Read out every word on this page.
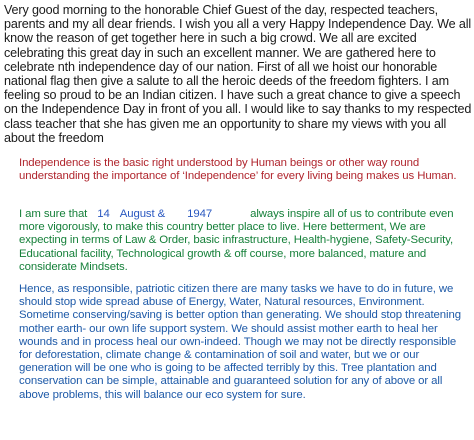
Very good morning to the honorable Chief Guest of the day, respected teachers, parents and my all dear friends. I wish you all a very Happy Independence Day. We all know the reason of get together here in such a big crowd. We all are excited celebrating this great day in such an excellent manner. We are gathered here to celebrate nth independence day of our nation. First of all we hoist our honorable national flag then give a salute to all the heroic deeds of the freedom fighters. I am feeling so proud to be an Indian citizen. I have such a great chance to give a speech on the Independence Day in front of you all. I would like to say thanks to my respected class teacher that she has given me an opportunity to share my views with you all about the freedom

Independence is the basic right understood by Human beings or other way round understanding the importance of ‘Independence’ for every living being makes us Human.

I am sure that 14 August & 1947	always inspire all of us to contribute even more vigorously, to make this country better place to live. Here betterment, We are expecting in terms of Law & Order, basic infrastructure, Health-hygiene, Safety-Security, Educational facility, Technological growth & off course, more balanced, mature and considerate Mindsets.

Hence, as responsible, patriotic citizen there are many tasks we have to do in future, we should stop wide spread abuse of Energy, Water, Natural resources, Environment. Sometime conserving/saving is better option than generating. We should stop threatening mother earth- our own life support system. We should assist mother earth to heal her wounds and in process heal our own-indeed. Though we may not be directly responsible for deforestation, climate change & contamination of soil and water, but we or our generation will be one who is going to be affected terribly by this. Tree plantation and conservation can be simple, attainable and guaranteed solution for any of above or all above problems, this will balance our eco system for sure.
